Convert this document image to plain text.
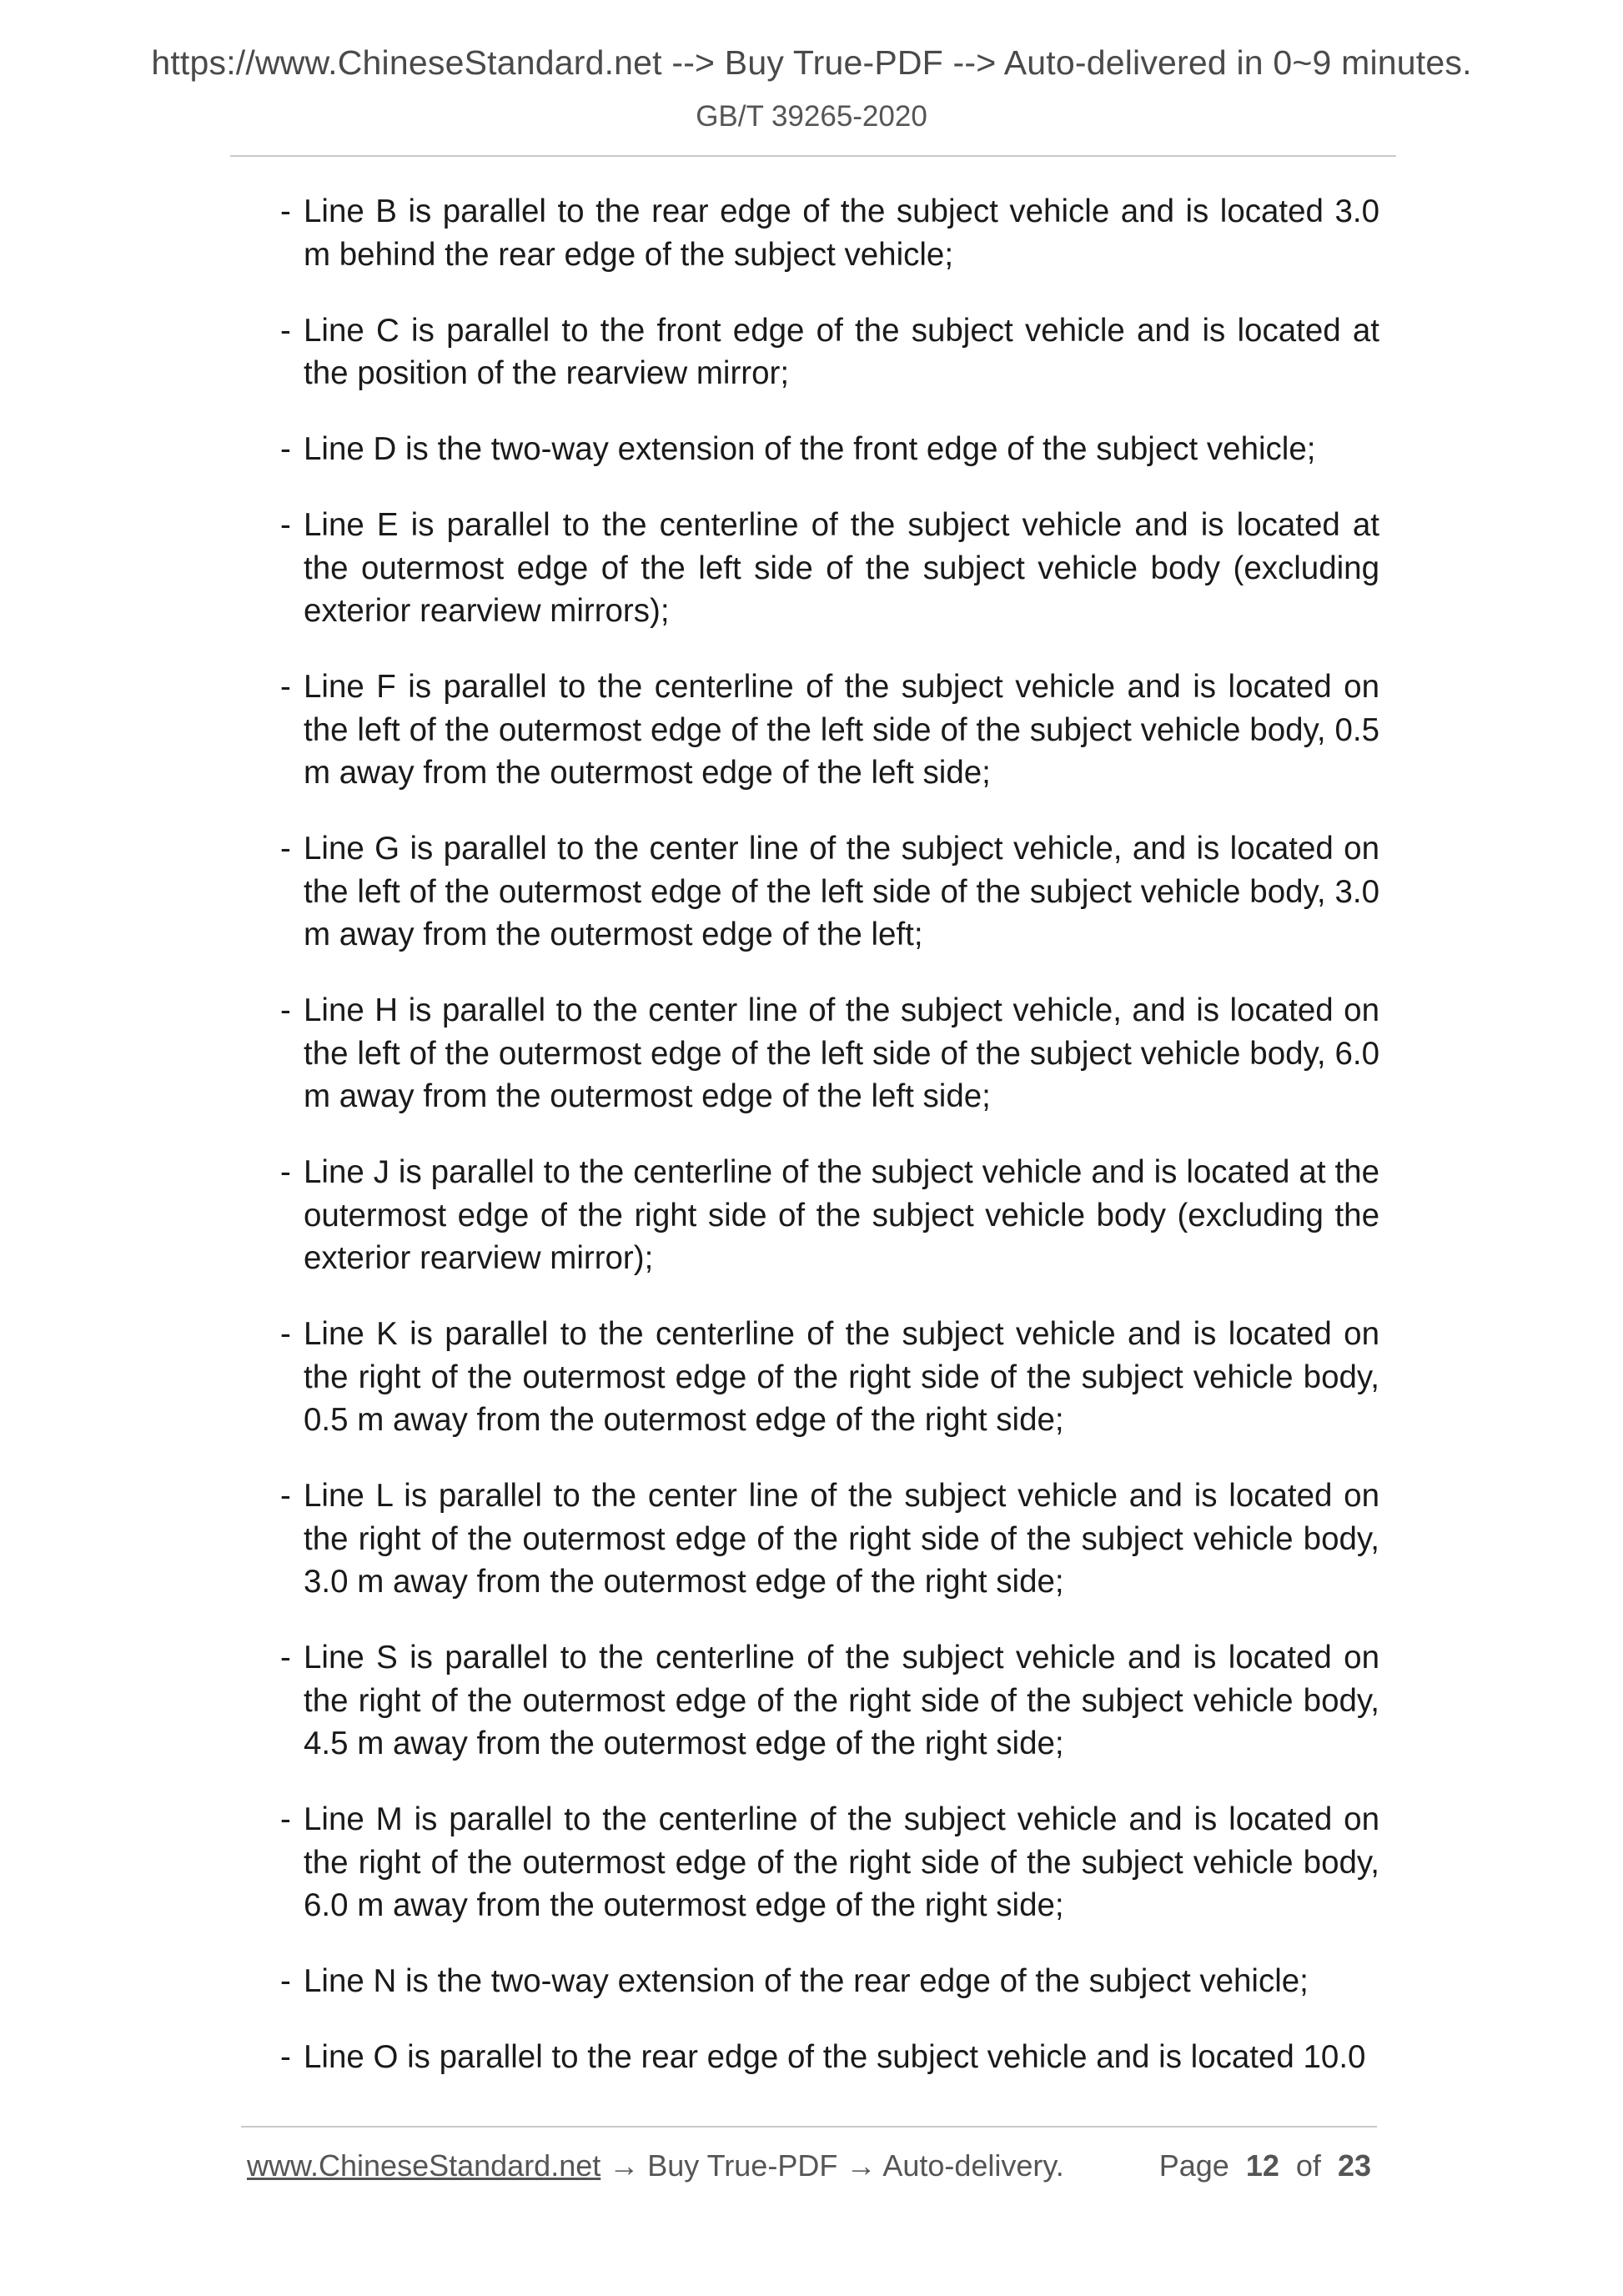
https://www.ChineseStandard.net --> Buy True-PDF --> Auto-delivered in 0~9 minutes.
GB/T 39265-2020
- Line B is parallel to the rear edge of the subject vehicle and is located 3.0 m behind the rear edge of the subject vehicle;
- Line C is parallel to the front edge of the subject vehicle and is located at the position of the rearview mirror;
- Line D is the two-way extension of the front edge of the subject vehicle;
- Line E is parallel to the centerline of the subject vehicle and is located at the outermost edge of the left side of the subject vehicle body (excluding exterior rearview mirrors);
- Line F is parallel to the centerline of the subject vehicle and is located on the left of the outermost edge of the left side of the subject vehicle body, 0.5 m away from the outermost edge of the left side;
- Line G is parallel to the center line of the subject vehicle, and is located on the left of the outermost edge of the left side of the subject vehicle body, 3.0 m away from the outermost edge of the left;
- Line H is parallel to the center line of the subject vehicle, and is located on the left of the outermost edge of the left side of the subject vehicle body, 6.0 m away from the outermost edge of the left side;
- Line J is parallel to the centerline of the subject vehicle and is located at the outermost edge of the right side of the subject vehicle body (excluding the exterior rearview mirror);
- Line K is parallel to the centerline of the subject vehicle and is located on the right of the outermost edge of the right side of the subject vehicle body, 0.5 m away from the outermost edge of the right side;
- Line L is parallel to the center line of the subject vehicle and is located on the right of the outermost edge of the right side of the subject vehicle body, 3.0 m away from the outermost edge of the right side;
- Line S is parallel to the centerline of the subject vehicle and is located on the right of the outermost edge of the right side of the subject vehicle body, 4.5 m away from the outermost edge of the right side;
- Line M is parallel to the centerline of the subject vehicle and is located on the right of the outermost edge of the right side of the subject vehicle body, 6.0 m away from the outermost edge of the right side;
- Line N is the two-way extension of the rear edge of the subject vehicle;
- Line O is parallel to the rear edge of the subject vehicle and is located 10.0
www.ChineseStandard.net → Buy True-PDF → Auto-delivery.	Page 12 of 23
